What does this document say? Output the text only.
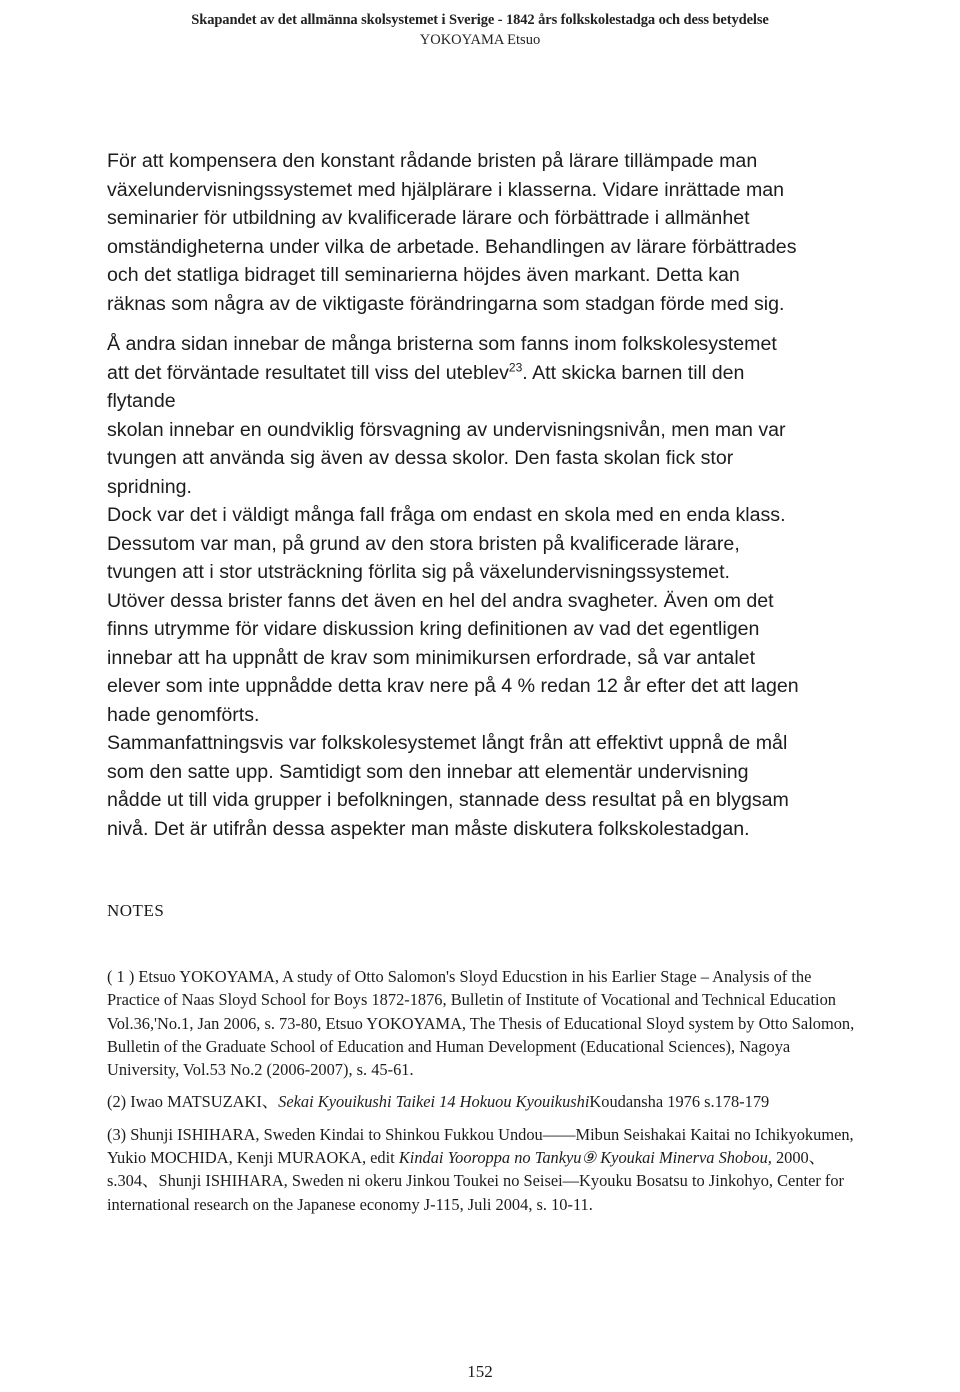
Skapandet av det allmänna skolsystemet i Sverige - 1842 års folkskolestadga och dess betydelse
YOKOYAMA Etsuo

För att kompensera den konstant rådande bristen på lärare tillämpade man

växelundervisningssystemet med hjälplärare i klasserna. Vidare inrättade man

seminarier för utbildning av kvalificerade lärare och förbättrade i allmänhet

omständigheterna under vilka de arbetade. Behandlingen av lärare förbättrades

och det statliga bidraget till seminarierna höjdes även markant. Detta kan

räknas som några av de viktigaste förändringarna som stadgan förde med sig.

Å andra sidan innebar de många bristerna som fanns inom folkskolesystemet

att det förväntade resultatet till viss del uteblev$^{23}$. Att skicka barnen till den

flytande

skolan innebar en oundviklig försvagning av undervisningsnivån, men man var

tvungen att använda sig även av dessa skolor. Den fasta skolan fick stor

spridning.

Dock var det i väldigt många fall fråga om endast en skola med en enda klass.

Dessutom var man, på grund av den stora bristen på kvalificerade lärare,

tvungen att i stor utsträckning förlita sig på växelundervisningssystemet.

Utöver dessa brister fanns det även en hel del andra svagheter. Även om det

finns utrymme för vidare diskussion kring definitionen av vad det egentligen

innebar att ha uppnått de krav som minimikursen erfordrade, så var antalet

elever som inte uppnådde detta krav nere på 4 % redan 12 år efter det att lagen

hade genomförts.

Sammanfattningsvis var folkskolesystemet långt från att effektivt uppnå de mål

som den satte upp. Samtidigt som den innebar att elementär undervisning

nådde ut till vida grupper i befolkningen, stannade dess resultat på en blygsam

nivå. Det är utifrån dessa aspekter man måste diskutera folkskolestadgan.

NOTES

( 1 ) Etsuo YOKOYAMA, A study of Otto Salomon's Sloyd Educstion in his Earlier Stage – Analysis of the Practice of Naas Sloyd School for Boys 1872-1876, Bulletin of Institute of Vocational and Technical Education Vol.36,'No.1, Jan 2006, s. 73-80, Etsuo YOKOYAMA, The Thesis of Educational Sloyd system by Otto Salomon, Bulletin of the Graduate School of Education and Human Development (Educational Sciences), Nagoya University, Vol.53 No.2 (2006-2007), s. 45-61.

(2) Iwao MATSUZAKI、Sekai Kyouikushi Taikei 14 Hokuou KyouikushiKoudansha 1976 s.178-179

(3) Shunji ISHIHARA, Sweden Kindai to Shinkou Fukkou Undou——Mibun Seishakai Kaitai no Ichikyokumen, Yukio MOCHIDA, Kenji MURAOKA, edit Kindai Yooroppa no Tankyu⑨ Kyoukai Minerva Shobou, 2000、s.304、Shunji ISHIHARA, Sweden ni okeru Jinkou Toukei no Seisei—Kyouku Bosatsu to Jinkohyo, Center for international research on the Japanese economy J-115, Juli 2004, s. 10-11.

152
